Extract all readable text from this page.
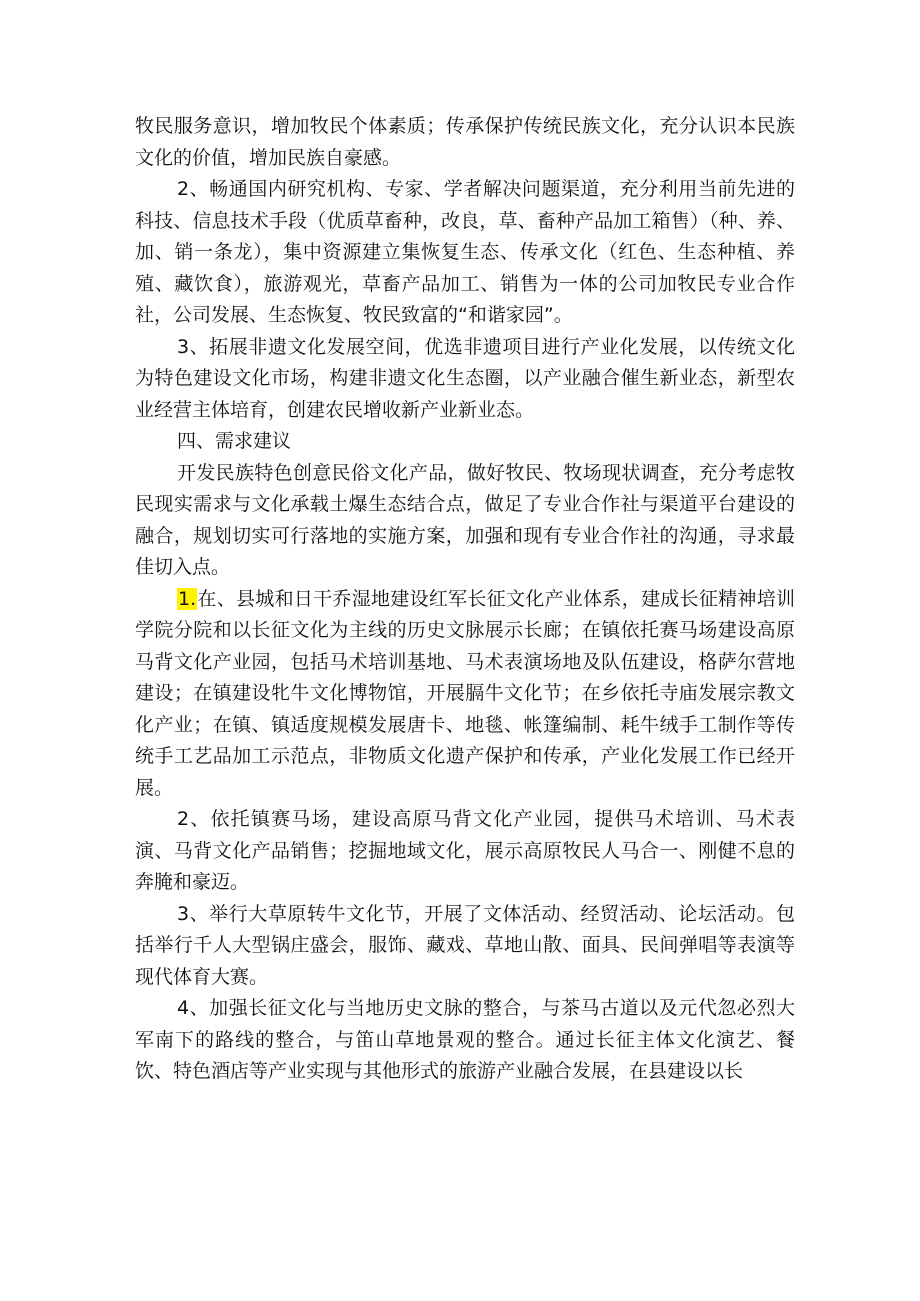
牧民服务意识，增加牧民个体素质；传承保护传统民族文化，充分认识本民族文化的价值，增加民族自豪感。

2、畅通国内研究机构、专家、学者解决问题渠道，充分利用当前先进的科技、信息技术手段（优质草畜种，改良，草、畜种产品加工箱售）（种、养、加、销一条龙），集中资源建立集恢复生态、传承文化（红色、生态种植、养殖、藏饮食），旅游观光，草畜产品加工、销售为一体的公司加牧民专业合作社，公司发展、生态恢复、牧民致富的“和谐家园”。

3、拓展非遗文化发展空间，优选非遗项目进行产业化发展，以传统文化为特色建设文化市场，构建非遗文化生态圈，以产业融合催生新业态，新型农业经营主体培育，创建农民增收新产业新业态。

四、需求建议

开发民族特色创意民俗文化产品，做好牧民、牧场现状调查，充分考虑牧民现实需求与文化承载土爆生态结合点，做足了专业合作社与渠道平台建设的融合，规划切实可行落地的实施方案，加强和现有专业合作社的沟通，寻求最佳切入点。

1.在、县城和日干乔湿地建设红军长征文化产业体系，建成长征精神培训学院分院和以长征文化为主线的历史文脉展示长廊；在镇依托赛马场建设高原马背文化产业园，包括马术培训基地、马术表演场地及队伍建设，格萨尔营地建设；在镇建设牝牛文化博物馆，开展膈牛文化节；在乡依托寺庙发展宗教文化产业；在镇、镇适度规模发展唐卡、地毯、帐篷编制、耗牛绒手工制作等传统手工艺品加工示范点，非物质文化遗产保护和传承，产业化发展工作已经开展。

2、依托镇赛马场，建设高原马背文化产业园，提供马术培训、马术表演、马背文化产品销售；挖掘地域文化，展示高原牧民人马合一、刚健不息的奔腌和豪迈。

3、举行大草原转牛文化节，开展了文体活动、经贸活动、论坛活动。包括举行千人大型锅庄盛会，服饰、藏戏、草地山散、面具、民间弹唱等表演等现代体育大赛。

4、加强长征文化与当地历史文脉的整合，与茶马古道以及元代忽必烈大军南下的路线的整合，与笛山草地景观的整合。通过长征主体文化演艺、餐饮、特色酒店等产业实现与其他形式的旅游产业融合发展，在县建设以长
